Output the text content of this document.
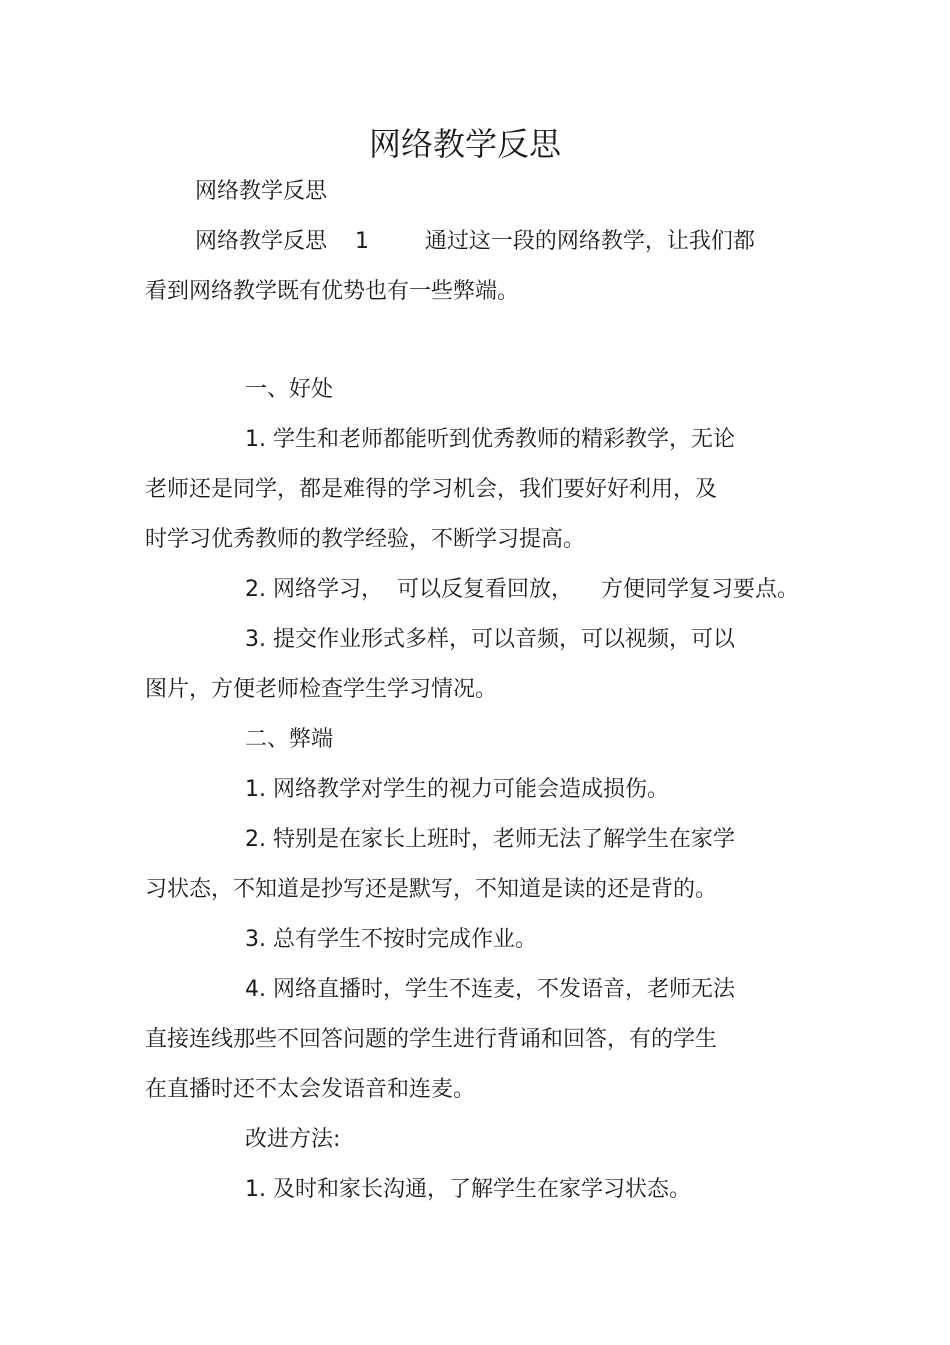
网络教学反思
网络教学反思
网络教学反思    1        通过这一段的网络教学，让我们都
看到网络教学既有优势也有一些弊端。
一、好处
1. 学生和老师都能听到优秀教师的精彩教学，无论
老师还是同学，都是难得的学习机会，我们要好好利用，及
时学习优秀教师的教学经验，不断学习提高。
2. 网络学习，  可以反复看回放，    方便同学复习要点。
3. 提交作业形式多样，可以音频，可以视频，可以
图片，方便老师检查学生学习情况。
二、弊端
1. 网络教学对学生的视力可能会造成损伤。
2. 特别是在家长上班时，老师无法了解学生在家学
习状态，不知道是抄写还是默写，不知道是读的还是背的。
3. 总有学生不按时完成作业。
4. 网络直播时，学生不连麦，不发语音，老师无法
直接连线那些不回答问题的学生进行背诵和回答，有的学生
在直播时还不太会发语音和连麦。
改进方法:
1. 及时和家长沟通，了解学生在家学习状态。
